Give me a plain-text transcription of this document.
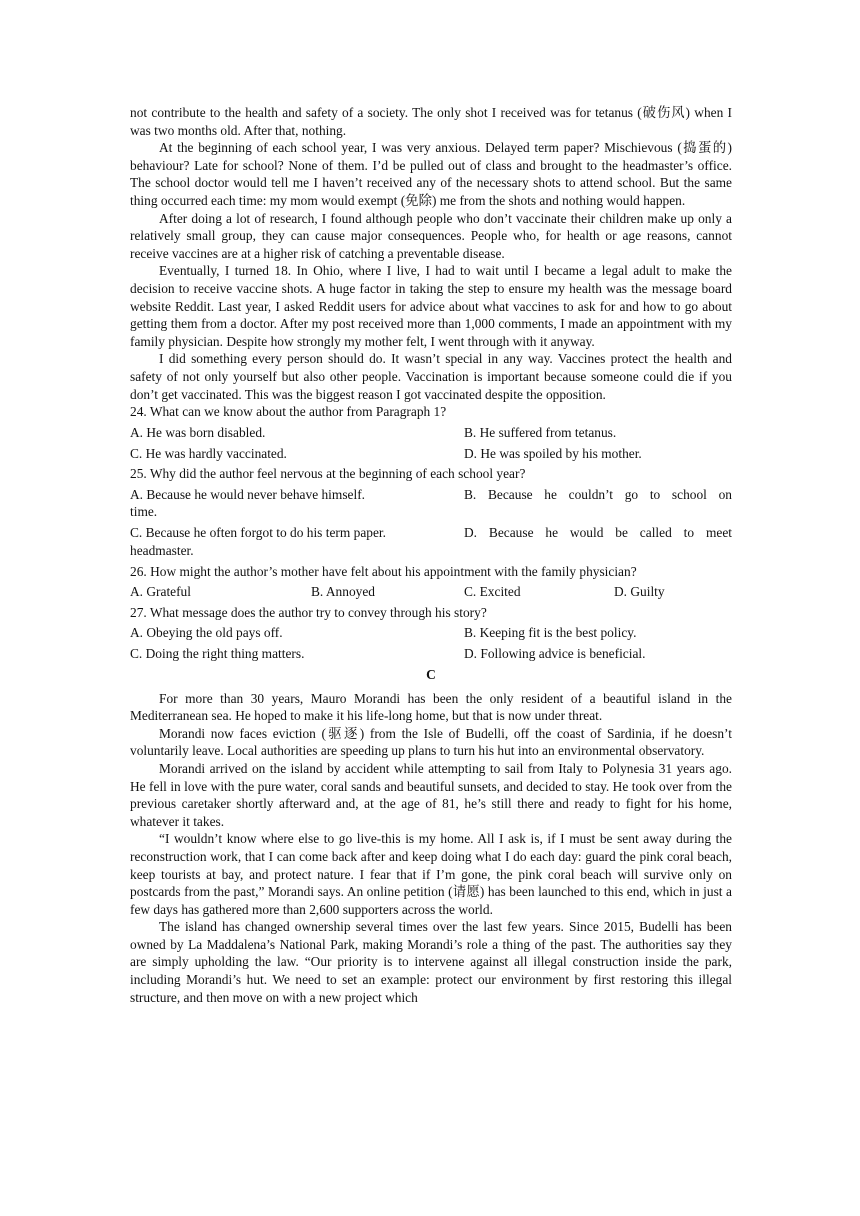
not contribute to the health and safety of a society. The only shot I received was for tetanus (破伤风) when I was two months old. After that, nothing.

At the beginning of each school year, I was very anxious. Delayed term paper? Mischievous (捣蛋的) behaviour? Late for school? None of them. I’d be pulled out of class and brought to the headmaster’s office. The school doctor would tell me I haven’t received any of the necessary shots to attend school. But the same thing occurred each time: my mom would exempt (免除) me from the shots and nothing would happen.

After doing a lot of research, I found although people who don’t vaccinate their children make up only a relatively small group, they can cause major consequences. People who, for health or age reasons, cannot receive vaccines are at a higher risk of catching a preventable disease.

Eventually, I turned 18. In Ohio, where I live, I had to wait until I became a legal adult to make the decision to receive vaccine shots. A huge factor in taking the step to ensure my health was the message board website Reddit. Last year, I asked Reddit users for advice about what vaccines to ask for and how to go about getting them from a doctor. After my post received more than 1,000 comments, I made an appointment with my family physician. Despite how strongly my mother felt, I went through with it anyway.

I did something every person should do. It wasn’t special in any way. Vaccines protect the health and safety of not only yourself but also other people. Vaccination is important because someone could die if you don’t get vaccinated. This was the biggest reason I got vaccinated despite the opposition.

24. What can we know about the author from Paragraph 1?

A. He was born disabled.	B. He suffered from tetanus.
C. He was hardly vaccinated.	D. He was spoiled by his mother.

25. Why did the author feel nervous at the beginning of each school year?

A. Because he would never behave himself.	B. Because he couldn’t go to school on
time.
C. Because he often forgot to do his term paper.	D. Because he would be called to meet
headmaster.

26. How might the author’s mother have felt about his appointment with the family physician?

A. Grateful	B. Annoyed	C. Excited	D. Guilty

27. What message does the author try to convey through his story?

A. Obeying the old pays off.	B. Keeping fit is the best policy.
C. Doing the right thing matters.	D. Following advice is beneficial.

C

For more than 30 years, Mauro Morandi has been the only resident of a beautiful island in the Mediterranean sea. He hoped to make it his life-long home, but that is now under threat.

Morandi now faces eviction (驱逐) from the Isle of Budelli, off the coast of Sardinia, if he doesn’t voluntarily leave. Local authorities are speeding up plans to turn his hut into an environmental observatory.

Morandi arrived on the island by accident while attempting to sail from Italy to Polynesia 31 years ago. He fell in love with the pure water, coral sands and beautiful sunsets, and decided to stay. He took over from the previous caretaker shortly afterward and, at the age of 81, he’s still there and ready to fight for his home, whatever it takes.

“I wouldn’t know where else to go live-this is my home. All I ask is, if I must be sent away during the reconstruction work, that I can come back after and keep doing what I do each day: guard the pink coral beach, keep tourists at bay, and protect nature. I fear that if I’m gone, the pink coral beach will survive only on postcards from the past,” Morandi says. An online petition (请愿) has been launched to this end, which in just a few days has gathered more than 2,600 supporters across the world.

The island has changed ownership several times over the last few years. Since 2015, Budelli has been owned by La Maddalena’s National Park, making Morandi’s role a thing of the past. The authorities say they are simply upholding the law. “Our priority is to intervene against all illegal construction inside the park, including Morandi’s hut. We need to set an example: protect our environment by first restoring this illegal structure, and then move on with a new project which
